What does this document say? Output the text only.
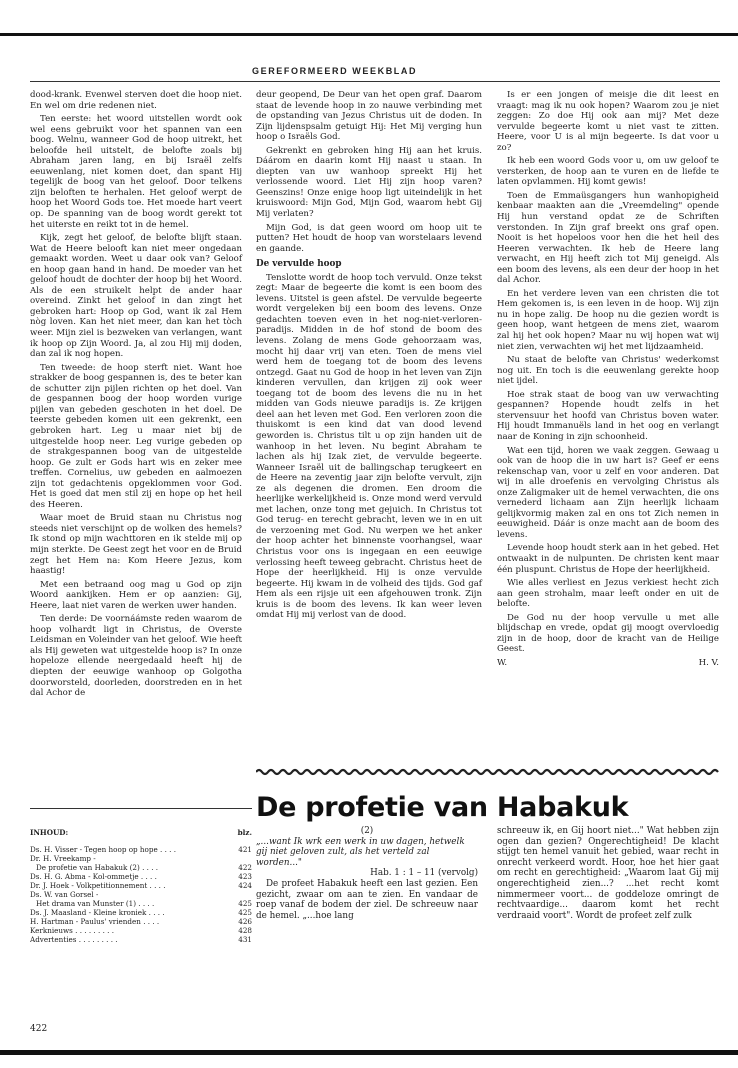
GEREFORMEERD WEEKBLAD

dood-krank. Evenwel sterven doet die hoop niet. En wel om drie redenen niet.

Ten eerste: het woord uitstellen wordt ook wel eens gebruikt voor het spannen van een boog. Welnu, wanneer God de hoop uitrekt, het beloofde heil uitstelt, de belofte zoals bij Abraham jaren lang, en bij Israël zelfs eeuwenlang, niet komen doet, dan spant Hij tegelijk de boog van het geloof. Door telkens zijn beloften te herhalen. Het geloof werpt de hoop het Woord Gods toe. Het moede hart veert op. De spanning van de boog wordt gerekt tot het uiterste en reikt tot in de hemel.

Kijk, zegt het geloof, de belofte blijft staan. Wat de Heere belooft kan niet meer ongedaan gemaakt worden. Weet u daar ook van? Geloof en hoop gaan hand in hand. De moeder van het geloof houdt de dochter der hoop bij het Woord. Als de een struikelt helpt de ander haar overeind. Zinkt het geloof in dan zingt het gebroken hart: Hoop op God, want ik zal Hem nòg loven. Kan het niet meer, dan kan het tòch weer. Mijn ziel is bezweken van verlangen, want ik hoop op Zijn Woord. Ja, al zou Hij mij doden, dan zal ik nog hopen.

Ten tweede: de hoop sterft niet. Want hoe strakker de boog gespannen is, des te beter kan de schutter zijn pijlen richten op het doel. Van de gespannen boog der hoop worden vurige pijlen van gebeden geschoten in het doel. De teerste gebeden komen uit een gekrenkt, een gebroken hart. Leg u maar niet bij de uitgestelde hoop neer. Leg vurige gebeden op de strakgespannen boog van de uitgestelde hoop. Ge zult er Gods hart wis en zeker mee treffen. Cornelius, uw gebeden en aalmoezen zijn tot gedachtenis opgeklommen voor God. Het is goed dat men stil zij en hope op het heil des Heeren.

Waar moet de Bruid staan nu Christus nog steeds niet verschijnt op de wolken des hemels? Ik stond op mijn wachttoren en ik stelde mij op mijn sterkte. De Geest zegt het voor en de Bruid zegt het Hem na: Kom Heere Jezus, kom haastig!

Met een betraand oog mag u God op zijn Woord aankijken. Hem er op aanzien: Gij, Heere, laat niet varen de werken uwer handen.

Ten derde: De voornáámste reden waarom de hoop volhardt ligt in Christus, de Overste Leidsman en Voleinder van het geloof. Wie heeft als Hij geweten wat uitgestelde hoop is? In onze hopeloze ellende neergedaald heeft hij de diepten der eeuwige wanhoop op Golgotha doorworsteld, doorleden, doorstreden en in het dal Achor de

deur geopend, De Deur van het open graf. Daarom staat de levende hoop in zo nauwe verbinding met de opstanding van Jezus Christus uit de doden. In Zijn lijdenspsalm getuigt Hij: Het Mij verging hun hoop o Israëls God.

Gekrenkt en gebroken hing Hij aan het kruis. Dáárom en daarin komt Hij naast u staan. In diepten van uw wanhoop spreekt Hij het verlossende woord. Liet Hij zijn hoop varen? Geenszins! Onze enige hoop ligt uiteindelijk in het kruiswoord: Mijn God, Mijn God, waarom hebt Gij Mij verlaten?

Mijn God, is dat geen woord om hoop uit te putten? Het houdt de hoop van worstelaars levend en gaande.

De vervulde hoop

Tenslotte wordt de hoop toch vervuld. Onze tekst zegt: Maar de begeerte die komt is een boom des levens. Uitstel is geen afstel. De vervulde begeerte wordt vergeleken bij een boom des levens. Onze gedachten toeven even in het nog-niet-verloren-paradijs. Midden in de hof stond de boom des levens. Zolang de mens Gode gehoorzaam was, mocht hij daar vrij van eten. Toen de mens viel werd hem de toegang tot de boom des levens ontzegd. Gaat nu God de hoop in het leven van Zijn kinderen vervullen, dan krijgen zij ook weer toegang tot de boom des levens die nu in het midden van Gods nieuwe paradijs is. Ze krijgen deel aan het leven met God. Een verloren zoon die thuiskomt is een kind dat van dood levend geworden is. Christus tilt u op zijn handen uit de wanhoop in het leven. Nu begint Abraham te lachen als hij Izak ziet, de vervulde begeerte. Wanneer Israël uit de ballingschap terugkeert en de Heere na zeventig jaar zijn belofte vervult, zijn ze als degenen die dromen. Een droom die heerlijke werkelijkheid is. Onze mond werd vervuld met lachen, onze tong met gejuich. In Christus tot God terug- en terecht gebracht, leven we in en uit de verzoening met God. Nu werpen we het anker der hoop achter het binnenste voorhangsel, waar Christus voor ons is ingegaan en een eeuwige verlossing heeft teweeg gebracht. Christus heet de Hope der heerlijkheid. Hij is onze vervulde begeerte. Hij kwam in de volheid des tijds. God gaf Hem als een rijsje uit een afgehouwen tronk. Zijn kruis is de boom des levens. Ik kan weer leven omdat Hij mij verlost van de dood.

Is er een jongen of meisje die dit leest en vraagt: mag ik nu ook hopen? Waarom zou je niet zeggen: Zo doe Hij ook aan mij? Met deze vervulde begeerte komt u niet vast te zitten. Heere, voor U is al mijn begeerte. Is dat voor u zo?

Ik heb een woord Gods voor u, om uw geloof te versterken, de hoop aan te vuren en de liefde te laten opvlammen. Hij komt gewis!

Toen de Emmaüsgangers hun wanhopigheid kenbaar maakten aan die „Vreemdeling" opende Hij hun verstand opdat ze de Schriften verstonden. In Zijn graf breekt ons graf open. Nooit is het hopeloos voor hen die het heil des Heeren verwachten. Ik heb de Heere lang verwacht, en Hij heeft zich tot Mij geneigd. Als een boom des levens, als een deur der hoop in het dal Achor.

En het verdere leven van een christen die tot Hem gekomen is, is een leven in de hoop. Wij zijn nu in hope zalig. De hoop nu die gezien wordt is geen hoop, want hetgeen de mens ziet, waarom zal hij het ook hopen? Maar nu wij hopen wat wij niet zien, verwachten wij het met lijdzaamheid.

Nu staat de belofte van Christus' wederkomst nog uit. En toch is die eeuwenlang gerekte hoop niet ijdel.

Hoe strak staat de boog van uw verwachting gespannen? Hopende houdt zelfs in het stervensuur het hoofd van Christus boven water. Hij houdt Immanuëls land in het oog en verlangt naar de Koning in zijn schoonheid.

Wat een tijd, horen we vaak zeggen. Gewaag u ook van de hoop die in uw hart is? Geef er eens rekenschap van, voor u zelf en voor anderen. Dat wij in alle droefenis en vervolging Christus als onze Zaligmaker uit de hemel verwachten, die ons vernederd lichaam aan Zijn heerlijk lichaam gelijkvormig maken zal en ons tot Zich nemen in eeuwigheid. Dáár is onze macht aan de boom des levens.

Levende hoop houdt sterk aan in het gebed. Het ontwaakt in de nulpunten. De christen kent maar één pluspunt. Christus de Hope der heerlijkheid.

Wie alles verliest en Jezus verkiest hecht zich aan geen strohalm, maar leeft onder en uit de belofte.

De God nu der hoop vervulle u met alle blijdschap en vrede, opdat gij moogt overvloedig zijn in de hoop, door de kracht van de Heilige Geest.

W.	H. V.
INHOUD:	blz.
Ds. H. Visser - Tegen hoop op hope . . . .	421
Dr. H. Vreekamp -
De profetie van Habakuk (2) . . . .	422
Ds. H. G. Abma - Kol-ommetje . . . .	423
Dr. J. Hoek - Volkpetitionnement . . . .	424
Ds. W. van Gorsel -
Het drama van Munster (1) . . . .	425
Ds. J. Maasland - Kleine kroniek . . . .	425
H. Hartman - Paulus' vrienden . . . .	426
Kerknieuws . . . . . . . . .	428
Advertenties . . . . . . . . .	431
422
De profetie van Habakuk

(2)

„...want Ik wrk een werk in uw dagen, hetwelk gij niet geloven zult, als het verteld zal worden..."

Hab. 1 : 1 – 11 (vervolg)

De profeet Habakuk heeft een last gezien. Een gezicht, zwaar om aan te zien. En vandaar de roep vanaf de bodem der ziel. De schreeuw naar de hemel. „...hoe lang

schreeuw ik, en Gij hoort niet..." Wat hebben zijn ogen dan gezien? Ongerechtigheid! De klacht stijgt ten hemel vanuit het gebied, waar recht in onrecht verkeerd wordt. Hoor, hoe het hier gaat om recht en gerechtigheid: „Waarom laat Gij mij ongerechtigheid zien...? ...het recht komt nimmermeer voort... de goddeloze omringt de rechtvaardige... daarom komt het recht verdraaid voort". Wordt de profeet zelf zulk
